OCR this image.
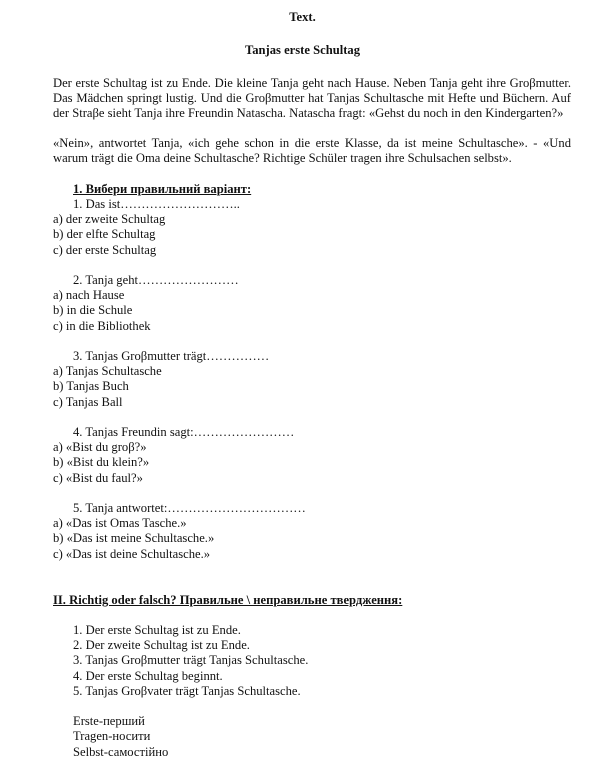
Text.
Tanjas erste Schultag
Der erste Schultag ist zu Ende. Die kleine Tanja geht nach Hause. Neben Tanja geht ihre Groβmutter. Das Mädchen springt lustig. Und die Groβmutter hat Tanjas Schultasche mit Hefte und Büchern. Auf der Straβe sieht Tanja ihre Freundin Natascha. Natascha fragt: «Gehst du noch in den Kindergarten?»
«Nein», antwortet Tanja, «ich gehe schon in die erste Klasse, da ist meine Schultasche». - «Und warum trägt die Oma deine Schultasche? Richtige Schüler tragen ihre Schulsachen selbst».
1. Вибери правильний варіант:
1. Das ist………………………..
a) der zweite Schultag
b) der elfte Schultag
c) der erste Schultag
2. Tanja geht……………………
a) nach Hause
b) in die Schule
c) in die Bibliothek
3. Tanjas Groβmutter trägt……………
a) Tanjas Schultasche
b) Tanjas Buch
c) Tanjas Ball
4. Tanjas Freundin sagt:……………………
a) «Bist du groβ?»
b) «Bist du klein?»
c) «Bist du faul?»
5. Tanja antwortet:……………………………
a) «Das ist Omas Tasche.»
b) «Das ist meine Schultasche.»
c) «Das ist deine Schultasche.»
II. Richtig oder falsch? Правильне \ неправильне твердження:
1. Der erste Schultag ist zu Ende.
2. Der zweite Schultag ist zu Ende.
3. Tanjas Groβmutter trägt Tanjas Schultasche.
4. Der erste Schultag beginnt.
5. Tanjas Groβvater trägt Tanjas Schultasche.
Erste-перший
Tragen-носити
Selbst-самостійно
